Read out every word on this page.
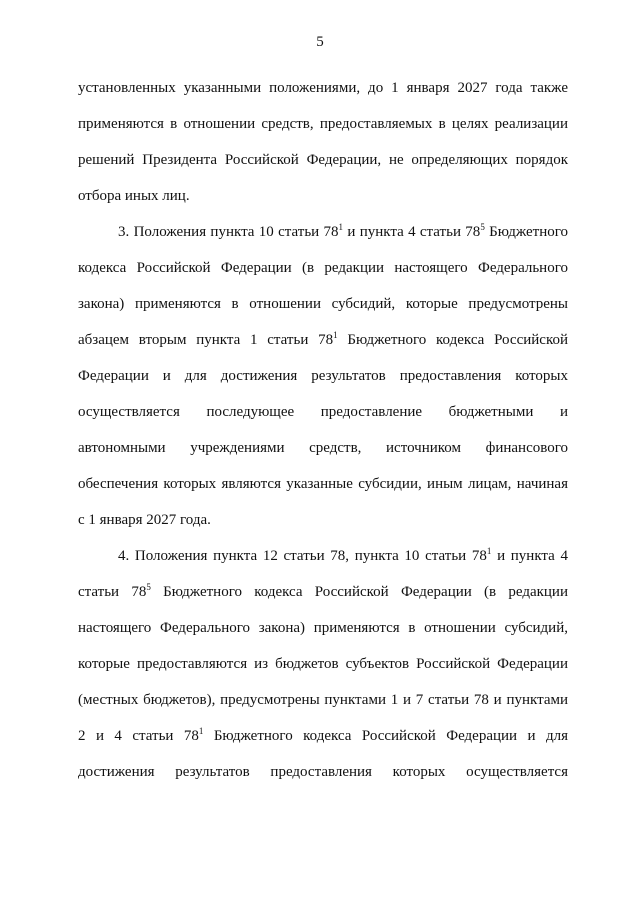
5
установленных указанными положениями, до 1 января 2027 года также
применяются в отношении средств, предоставляемых в целях реализации
решений Президента Российской Федерации, не определяющих порядок
отбора иных лиц.
3. Положения пункта 10 статьи $78^1$ и пункта 4 статьи $78^5$ Бюджетного
кодекса Российской Федерации (в редакции настоящего Федерального
закона) применяются в отношении субсидий, которые предусмотрены
абзацем вторым пункта 1 статьи $78^1$ Бюджетного кодекса Российской
Федерации и для достижения результатов предоставления которых
осуществляется последующее предоставление бюджетными и
автономными учреждениями средств, источником финансового
обеспечения которых являются указанные субсидии, иным лицам, начиная
с 1 января 2027 года.
4. Положения пункта 12 статьи 78, пункта 10 статьи $78^1$ и пункта 4
статьи $78^5$ Бюджетного кодекса Российской Федерации (в редакции
настоящего Федерального закона) применяются в отношении субсидий,
которые предоставляются из бюджетов субъектов Российской Федерации
(местных бюджетов), предусмотрены пунктами 1 и 7 статьи 78 и пунктами
2 и 4 статьи $78^1$ Бюджетного кодекса Российской Федерации и для
достижения результатов предоставления которых осуществляется
